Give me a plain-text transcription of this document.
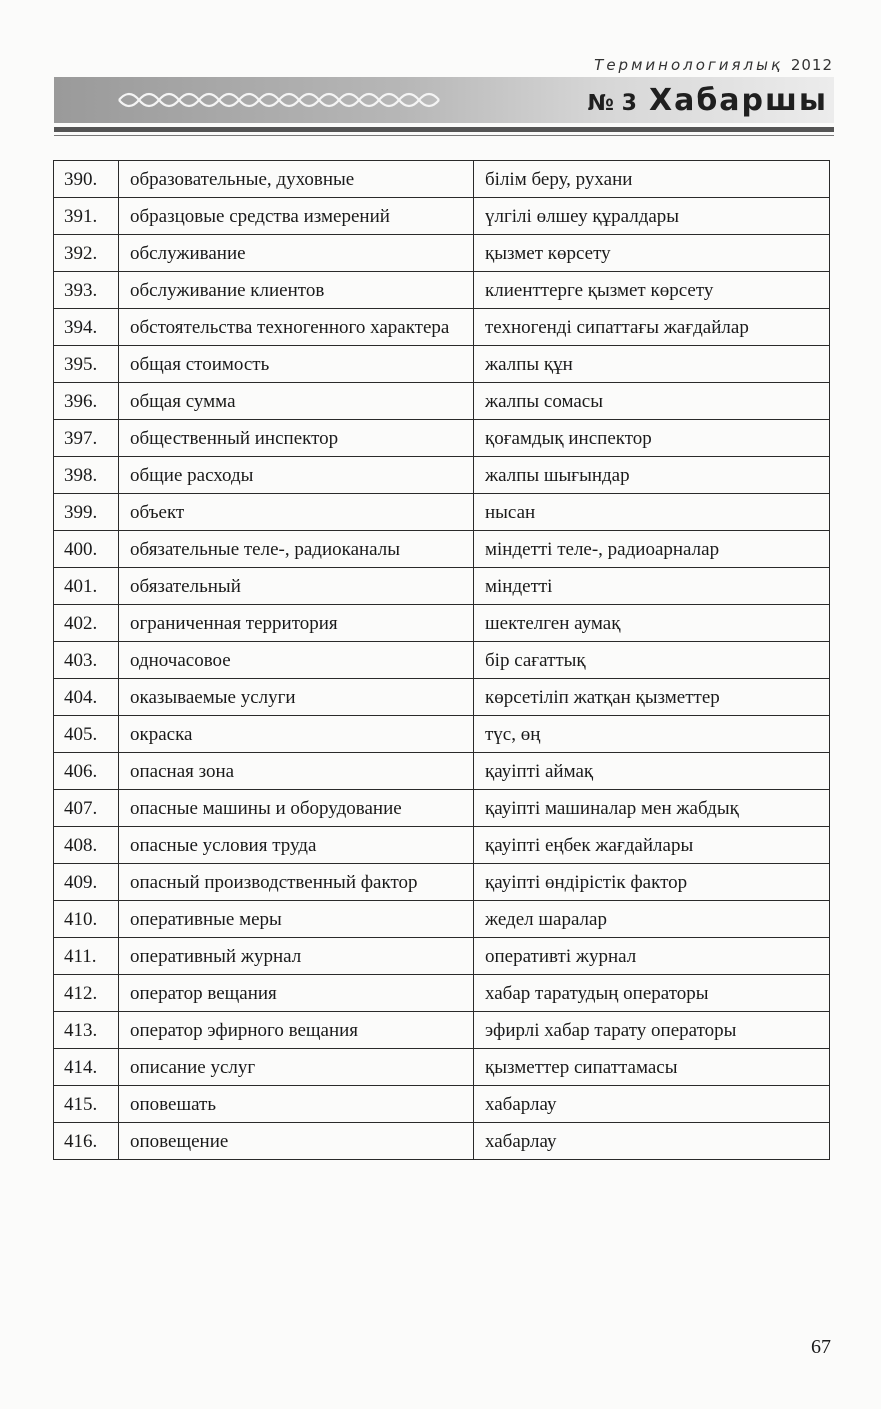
Терминологиялық 2012
№ 3 Хабаршы
390.	образовательные, духовные	білім беру, рухани
391.	образцовые средства измерений	үлгілі өлшеу құралдары
392.	обслуживание	қызмет көрсету
393.	обслуживание клиентов	клиенттерге қызмет көрсету
394.	обстоятельства техногенного характера	техногенді сипаттағы жағдайлар
395.	общая стоимость	жалпы құн
396.	общая сумма	жалпы сомасы
397.	общественный инспектор	қоғамдық инспектор
398.	общие расходы	жалпы шығындар
399.	объект	нысан
400.	обязательные теле-, радиоканалы	міндетті теле-, радиоарналар
401.	обязательный	міндетті
402.	ограниченная территория	шектелген аумақ
403.	одночасовое	бір сағаттық
404.	оказываемые услуги	көрсетіліп жатқан қызметтер
405.	окраска	түс, өң
406.	опасная зона	қауіпті аймақ
407.	опасные машины и оборудование	қауіпті машиналар мен жабдық
408.	опасные условия труда	қауіпті еңбек жағдайлары
409.	опасный производственный фактор	қауіпті өндірістік фактор
410.	оперативные меры	жедел шаралар
411.	оперативный журнал	оперативті журнал
412.	оператор вещания	хабар таратудың операторы
413.	оператор эфирного вещания	эфирлі хабар тарату операторы
414.	описание услуг	қызметтер сипаттамасы
415.	оповешать	хабарлау
416.	оповещение	хабарлау
67
